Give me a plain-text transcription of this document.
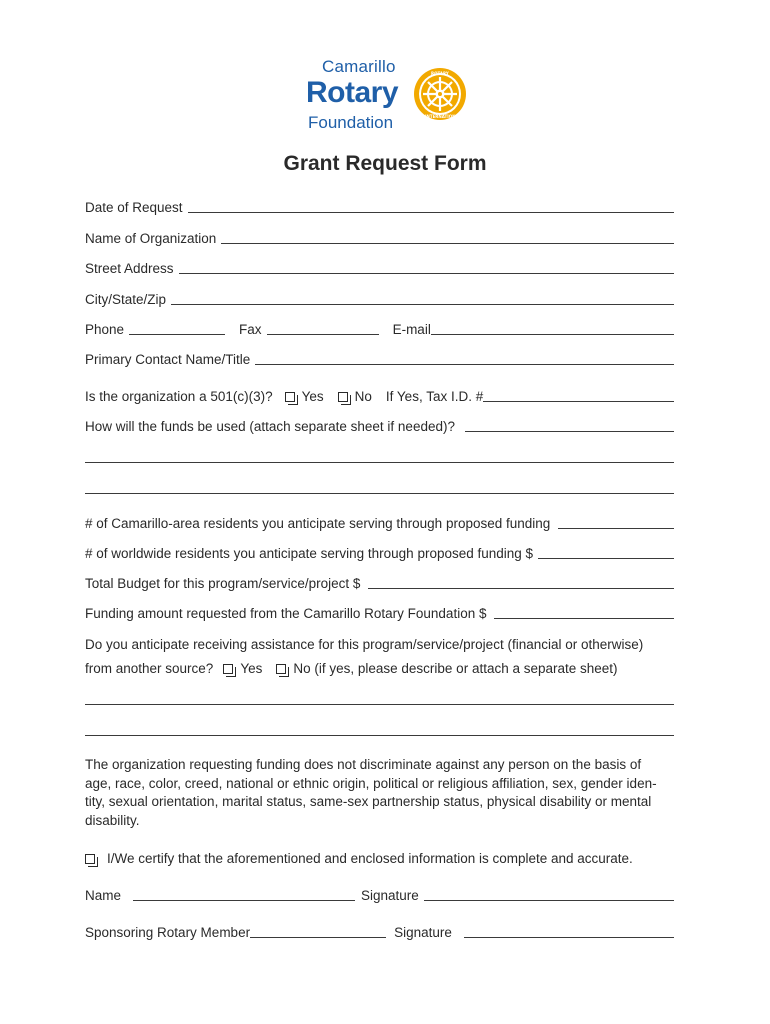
Camarillo
Rotary
Foundation
ROTARY
INTERNATIONAL
Grant Request Form
Date of Request
Name of Organization
Street Address
City/State/Zip
Phone	Fax	E-mail
Primary Contact Name/Title
Is the organization a 501(c)(3)?	Yes	No	If Yes, Tax I.D. #
How will the funds be used (attach separate sheet if needed)?
# of Camarillo-area residents you anticipate serving through proposed funding
# of worldwide residents you anticipate serving through proposed funding $
Total Budget for this program/service/project $
Funding amount requested from the Camarillo Rotary Foundation $
Do you anticipate receiving assistance for this program/service/project (financial or otherwise)
from another source?	Yes	No (if yes, please describe or attach a separate sheet)
The organization requesting funding does not discriminate against any person on the basis of
age, race, color, creed, national or ethnic origin, political or religious affiliation, sex, gender iden-
tity, sexual orientation, marital status, same-sex partnership status, physical disability or mental
disability.
I/We certify that the aforementioned and enclosed information is complete and accurate.
Name	Signature
Sponsoring Rotary Member	Signature
